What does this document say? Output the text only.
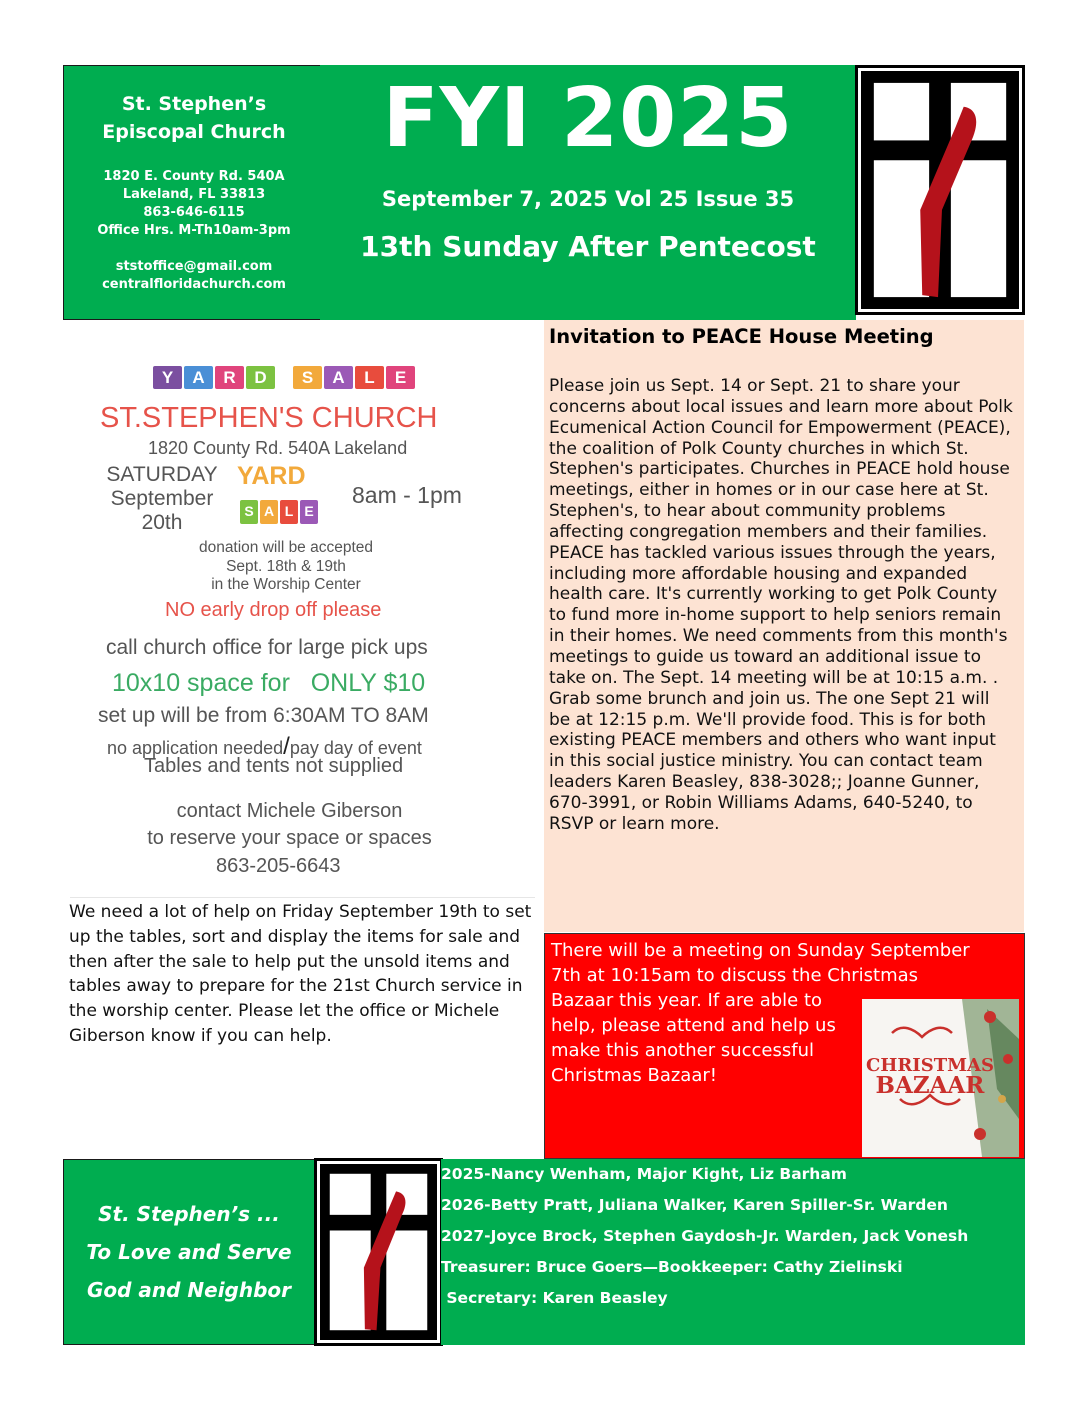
St. Stephen’s
Episcopal Church
1820 E. County Rd. 540A
Lakeland, FL 33813
863-646-6115
Office Hrs. M-Th10am-3pm
ststoffice@gmail.com
centralfloridachurch.com
FYI 2025
September 7, 2025 Vol 25 Issue 35
13th Sunday After Pentecost
Y A R D S A L E
ST.STEPHEN'S CHURCH
1820 County Rd. 540A Lakeland
SATURDAY
September
20th
YARD
S A L E
8am - 1pm
donation will be accepted
Sept. 18th & 19th
in the Worship Center
NO early drop off please
call church office for large pick ups
10x10 space for   ONLY $10
set up will be from 6:30AM TO 8AM
no application needed/pay day of event
Tables and tents not supplied
contact Michele Giberson
to reserve your space or spaces
863-205-6643
We need a lot of help on Friday September 19th to set up the tables, sort and display the items for sale and then after the sale to help put the unsold items and tables away to prepare for the 21st Church service in the worship center. Please let the office or Michele Giberson know if you can help.
Invitation to PEACE House Meeting
Please join us Sept. 14 or Sept. 21 to share your concerns about local issues and learn more about Polk Ecumenical Action Council for Empowerment (PEACE), the coalition of Polk County churches in which St. Stephen's participates. Churches in PEACE hold house meetings, either in homes or in our case here at St. Stephen's, to hear about community problems affecting congregation members and their families. PEACE has tackled various issues through the years, including more affordable housing and expanded health care. It's currently working to get Polk County to fund more in-home support to help seniors remain in their homes. We need comments from this month's meetings to guide us toward an additional issue to take on. The Sept. 14 meeting will be at 10:15 a.m. . Grab some brunch and join us. The one Sept 21 will be at 12:15 p.m. We'll provide food. This is for both existing PEACE members and others who want input in this social justice ministry. You can contact team leaders Karen Beasley, 838-3028;; Joanne Gunner, 670-3991, or Robin Williams Adams, 640-5240, to RSVP or learn more.
There will be a meeting on Sunday September
7th at 10:15am to discuss the Christmas
Bazaar this year. If are able to help, please attend and help us make this another successful Christmas Bazaar!	CHRISTMAS
BAZAAR
St. Stephen’s ...
To Love and Serve
God and Neighbor
2025-Nancy Wenham, Major Kight, Liz Barham
2026-Betty Pratt, Juliana Walker, Karen Spiller-Sr. Warden
2027-Joyce Brock, Stephen Gaydosh-Jr. Warden, Jack Vonesh
Treasurer: Bruce Goers—Bookkeeper: Cathy Zielinski
Secretary: Karen Beasley
